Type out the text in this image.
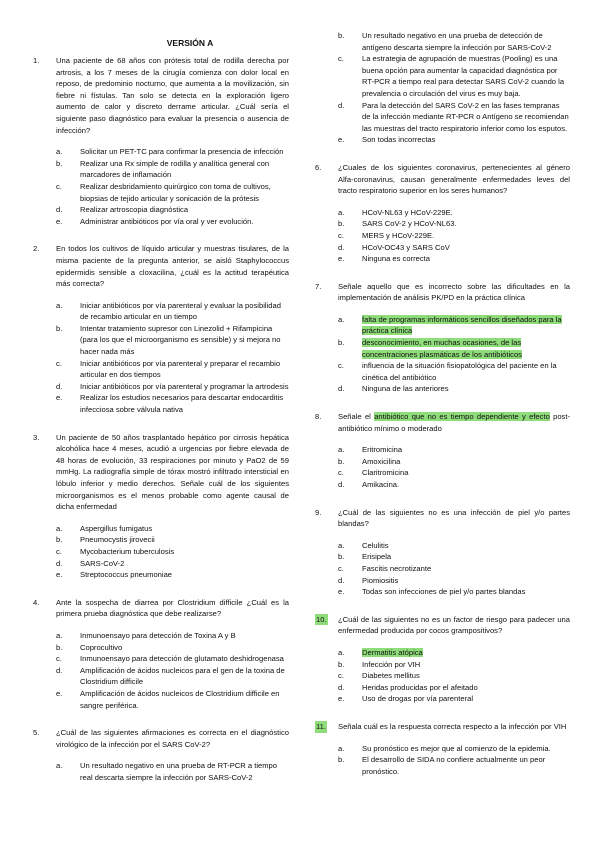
VERSIÓN A
1. Una paciente de 68 años con prótesis total de rodilla derecha por artrosis, a los 7 meses de la cirugía comienza con dolor local en reposo, de predominio nocturno, que aumenta a la movilización, sin fiebre ni fístulas. Tan solo se detecta en la exploración ligero aumento de calor y discreto derrame articular. ¿Cuál sería el siguiente paso diagnóstico para evaluar la presencia o ausencia de infección?
a. Solicitar un PET-TC para confirmar la presencia de infección
b. Realizar una Rx simple de rodilla y analítica general con marcadores de inflamación
c. Realizar desbridamiento quirúrgico con toma de cultivos, biopsias de tejido articular y sonicación de la prótesis
d. Realizar artroscopia diagnóstica
e. Administrar antibióticos por vía oral y ver evolución.
2. En todos los cultivos de líquido articular y muestras tisulares, de la misma paciente de la pregunta anterior, se aisló Staphylococcus epidermidis sensible a cloxacilina, ¿cuál es la actitud terapéutica más correcta?
a. Iniciar antibióticos por vía parenteral y evaluar la posibilidad de recambio articular en un tiempo
b. Intentar tratamiento supresor con Linezolid + Rifampicina (para los que el microorganismo es sensible) y si mejora no hacer nada más
c. Iniciar antibióticos por vía parenteral y preparar el recambio articular en dos tiempos
d. Iniciar antibióticos por vía parenteral y programar la artrodesis
e. Realizar los estudios necesarios para descartar endocarditis infecciosa sobre válvula nativa
3. Un paciente de 50 años trasplantado hepático por cirrosis hepática alcohólica hace 4 meses, acudió a urgencias por fiebre elevada de 48 horas de evolución, 33 respiraciones por minuto y PaO2 de 59 mmHg. La radiografía simple de tórax mostró infiltrado intersticial en lóbulo inferior y medio derechos. Señale cuál de los siguientes microorganismos es el menos probable como agente causal de dicha enfermedad
a. Aspergillus fumigatus
b. Pneumocystis jirovecii
c. Mycobacterium tuberculosis
d. SARS-CoV-2
e. Streptococcus pneumoniae
4. Ante la sospecha de diarrea por Clostridium difficile ¿Cuál es la primera prueba diagnóstica que debe realizarse?
a. Inmunoensayo para detección de Toxina A y B
b. Coprocultivo
c. Inmunoensayo para detección de glutamato deshidrogenasa
d. Amplificación de ácidos nucleicos para el gen de la toxina de Clostridium difficile
e. Amplificación de ácidos nucleicos de Clostridium difficile en sangre periférica.
5. ¿Cuál de las siguientes afirmaciones es correcta en el diagnóstico virológico de la infección por el SARS CoV-2?
a. Un resultado negativo en una prueba de RT-PCR a tiempo real descarta siempre la infección por SARS-CoV-2
b. Un resultado negativo en una prueba de detección de antígeno descarta siempre la infección por SARS-CoV-2
c. La estrategia de agrupación de muestras (Pooling) es una buena opción para aumentar la capacidad diagnóstica por RT-PCR a tiempo real para detectar SARS CoV-2 cuando la prevalencia o circulación del virus es muy baja.
d. Para la detección del SARS CoV-2 en las fases tempranas de la infección mediante RT-PCR o Antígeno se recomiendan las muestras del tracto respiratorio inferior como los esputos.
e. Son todas incorrectas
6. ¿Cuales de los siguientes coronavirus, pertenecientes al género Alfa-coronavirus, causan generalmente enfermedades leves del tracto respiratorio superior en los seres humanos?
a. HCoV-NL63 y HCoV-229E.
b. SARS CoV-2 y HCoV-NL63.
c. MERS y HCoV-229E.
d. HCoV-OC43 y SARS CoV
e. Ninguna es correcta
7. Señale aquello que es incorrecto sobre las dificultades en la implementación de análisis PK/PD en la práctica clínica
a. falta de programas informáticos sencillos diseñados para la práctica clínica
b. desconocimiento, en muchas ocasiones, de las concentraciones plasmáticas de los antibióticos
c. influencia de la situación fisiopatológica del paciente en la cinética del antibiótico
d. Ninguna de las anteriores
8. Señale el antibiótico que no es tiempo dependiente y efecto post-antibiótico mínimo o moderado
a. Eritromicina
b. Amoxicilina
c. Claritromicina
d. Amikacina.
9. ¿Cuál de las siguientes no es una infección de piel y/o partes blandas?
a. Celulitis
b. Erisipela
c. Fascitis necrotizante
d. Piomiositis
e. Todas son infecciones de piel y/o partes blandas
10. ¿Cuál de las siguientes no es un factor de riesgo para padecer una enfermedad producida por cocos grampositivos?
a. Dermatitis atópica
b. Infección por VIH
c. Diabetes mellitus
d. Heridas producidas por el afeitado
e. Uso de drogas por vía parenteral
11. Señala cuál es la respuesta correcta respecto a la infección por VIH
a. Su pronóstico es mejor que al comienzo de la epidemia.
b. El desarrollo de SIDA no confiere actualmente un peor pronóstico.
